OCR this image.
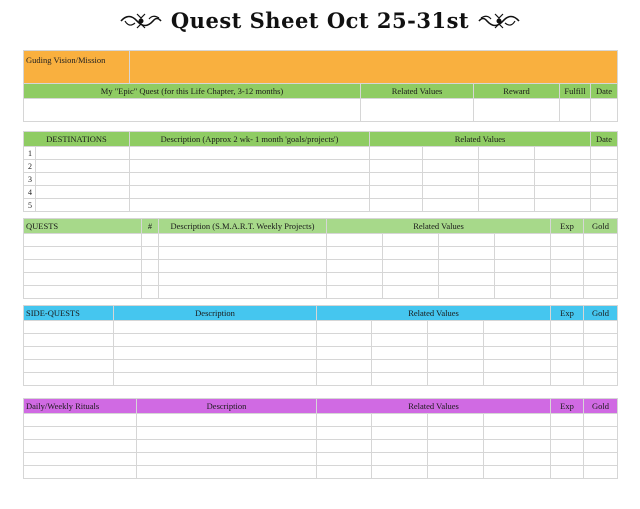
Quest Sheet Oct 25-31st
Guding Vision/Mission					
My "Epic" Quest (for this Life Chapter, 3-12 months)		Related Values	Reward	Fulfill	Date

DESTINATIONS		Description (Approx 2 wk- 1 month 'goals/projects')	Related Values				Date
1							
2							
3							
4							
5							
QUESTS	#	Description (S.M.A.R.T. Weekly Projects)	Related Values				Exp	Gold

SIDE-QUESTS	Description	Related Values				Exp	Gold

Daily/Weekly Rituals	Description	Related Values				Exp	Gold
